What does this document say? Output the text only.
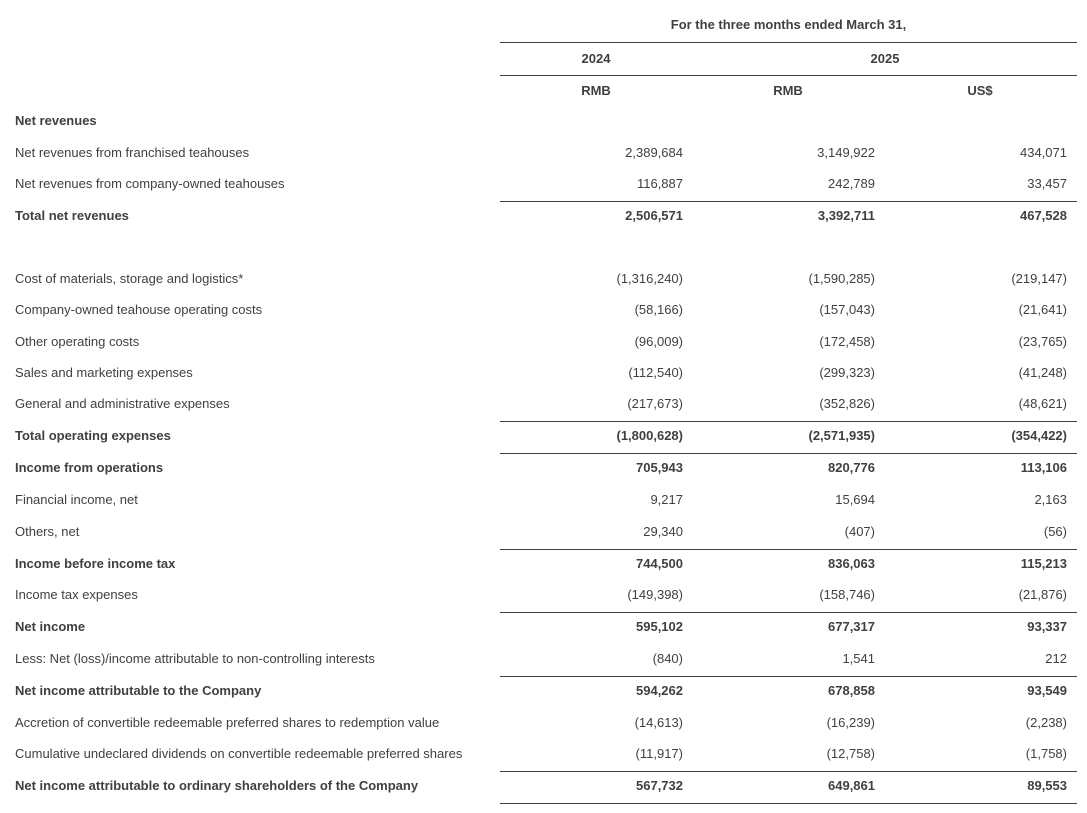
For the three months ended March 31,
2024	2025
RMB	RMB	US$
Net revenues
Net revenues from franchised teahouses	2,389,684	3,149,922	434,071
Net revenues from company-owned teahouses	116,887	242,789	33,457
Total net revenues	2,506,571	3,392,711	467,528
Cost of materials, storage and logistics*	(1,316,240)	(1,590,285)	(219,147)
Company-owned teahouse operating costs	(58,166)	(157,043)	(21,641)
Other operating costs	(96,009)	(172,458)	(23,765)
Sales and marketing expenses	(112,540)	(299,323)	(41,248)
General and administrative expenses	(217,673)	(352,826)	(48,621)
Total operating expenses	(1,800,628)	(2,571,935)	(354,422)
Income from operations	705,943	820,776	113,106
Financial income, net	9,217	15,694	2,163
Others, net	29,340	(407)	(56)
Income before income tax	744,500	836,063	115,213
Income tax expenses	(149,398)	(158,746)	(21,876)
Net income	595,102	677,317	93,337
Less: Net (loss)/income attributable to non-controlling interests	(840)	1,541	212
Net income attributable to the Company	594,262	678,858	93,549
Accretion of convertible redeemable preferred shares to redemption value	(14,613)	(16,239)	(2,238)
Cumulative undeclared dividends on convertible redeemable preferred shares	(11,917)	(12,758)	(1,758)
Net income attributable to ordinary shareholders of the Company	567,732	649,861	89,553
